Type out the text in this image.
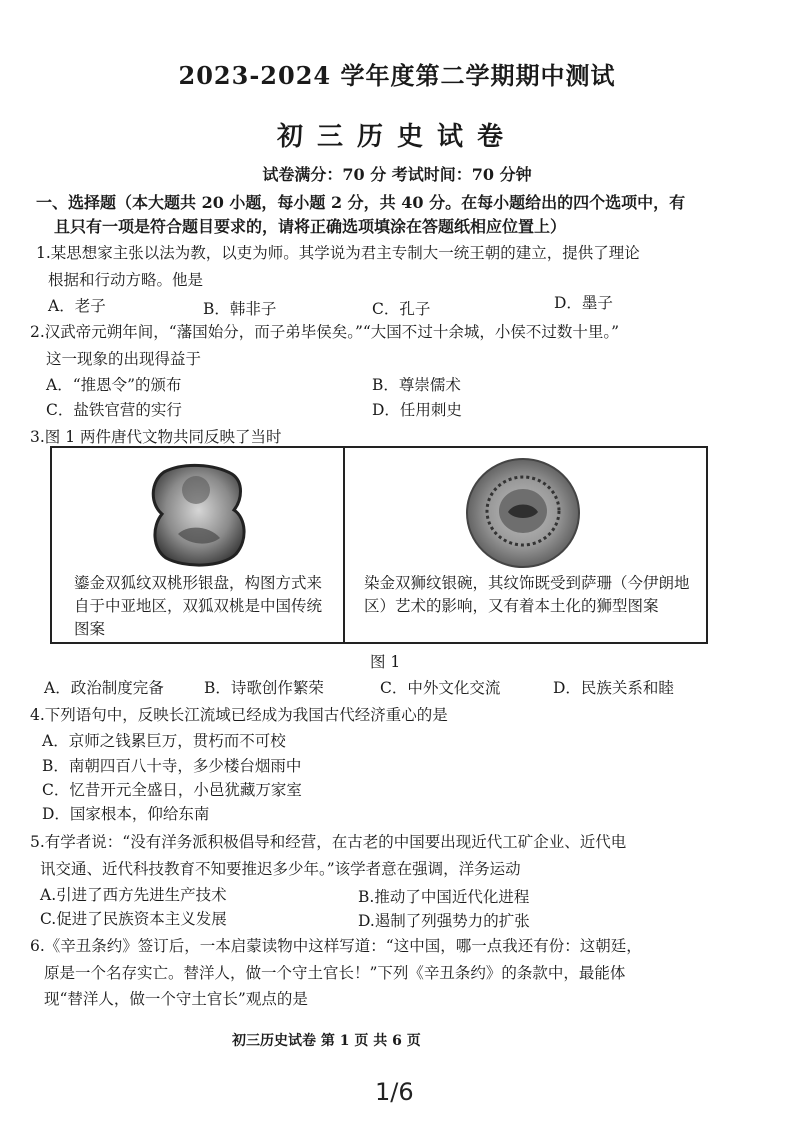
2023-2024 学年度第二学期期中测试
初三历史试卷
试卷满分：70 分 考试时间：70 分钟
一、选择题（本大题共 20 小题，每小题 2 分，共 40 分。在每小题给出的四个选项中，有
且只有一项是符合题目要求的，请将正确选项填涂在答题纸相应位置上）
1.某思想家主张以法为教，以吏为师。其学说为君主专制大一统王朝的建立，提供了理论
根据和行动方略。他是
A．老子	B．韩非子	C．孔子	D．墨子
2.汉武帝元朔年间，“藩国始分，而子弟毕侯矣。”“大国不过十余城，小侯不过数十里。”
这一现象的出现得益于
A．“推恩令”的颁布	B．尊崇儒术
C．盐铁官营的实行	D．任用刺史
3.图 1 两件唐代文物共同反映了当时
鎏金双狐纹双桃形银盘，构图方式来自于中亚地区，双狐双桃是中国传统图案
染金双狮纹银碗，其纹饰既受到萨珊（今伊朗地区）艺术的影响，又有着本土化的狮型图案
图 1
A．政治制度完备	B．诗歌创作繁荣	C．中外文化交流	D．民族关系和睦
4.下列语句中，反映长江流域已经成为我国古代经济重心的是
A．京师之钱累巨万，贯朽而不可校
B．南朝四百八十寺，多少楼台烟雨中
C．忆昔开元全盛日，小邑犹藏万家室
D．国家根本，仰给东南
5.有学者说：“没有洋务派积极倡导和经营，在古老的中国要出现近代工矿企业、近代电
讯交通、近代科技教育不知要推迟多少年。”该学者意在强调，洋务运动
A.引进了西方先进生产技术	B.推动了中国近代化进程
C.促进了民族资本主义发展	D.遏制了列强势力的扩张
6.《辛丑条约》签订后，一本启蒙读物中这样写道：“这中国，哪一点我还有份：这朝廷，
原是一个名存实亡。替洋人，做一个守土官长！”下列《辛丑条约》的条款中，最能体
现“替洋人，做一个守土官长”观点的是
初三历史试卷 第 1 页 共 6 页
1/6
